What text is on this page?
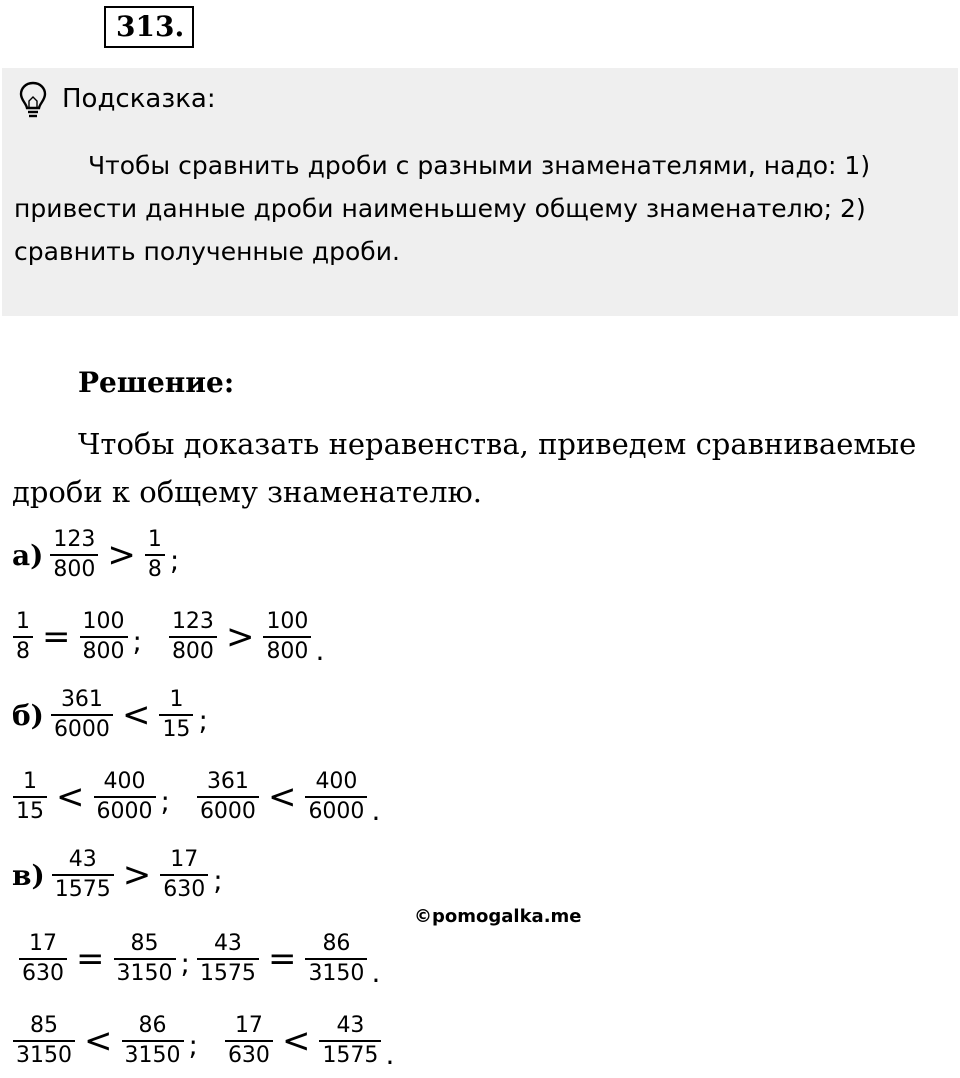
313.
Подсказка:
Чтобы сравнить дроби с разными знаменателями, надо: 1) привести данные дроби наименьшему общему знаменателю; 2) сравнить полученные дроби.
Решение:
Чтобы доказать неравенства, приведем сравниваемые дроби к общему знаменателю.
$а) \frac{123}{800} > \frac{1}{8}$ ;
$\frac{1}{8} = \frac{100}{800}$ ; $\frac{123}{800} > \frac{100}{800}$ .
$б) \frac{361}{6000} < \frac{1}{15}$ ;
$\frac{1}{15} < \frac{400}{6000}$ ; $\frac{361}{6000} < \frac{400}{6000}$ .
$в) \frac{43}{1575} > \frac{17}{630}$ ;
$\frac{17}{630} = \frac{85}{3150}$ ; $\frac{43}{1575} = \frac{86}{3150}$ .
$\frac{85}{3150} < \frac{86}{3150}$ ; $\frac{17}{630} < \frac{43}{1575}$ .
©pomogalka.me
